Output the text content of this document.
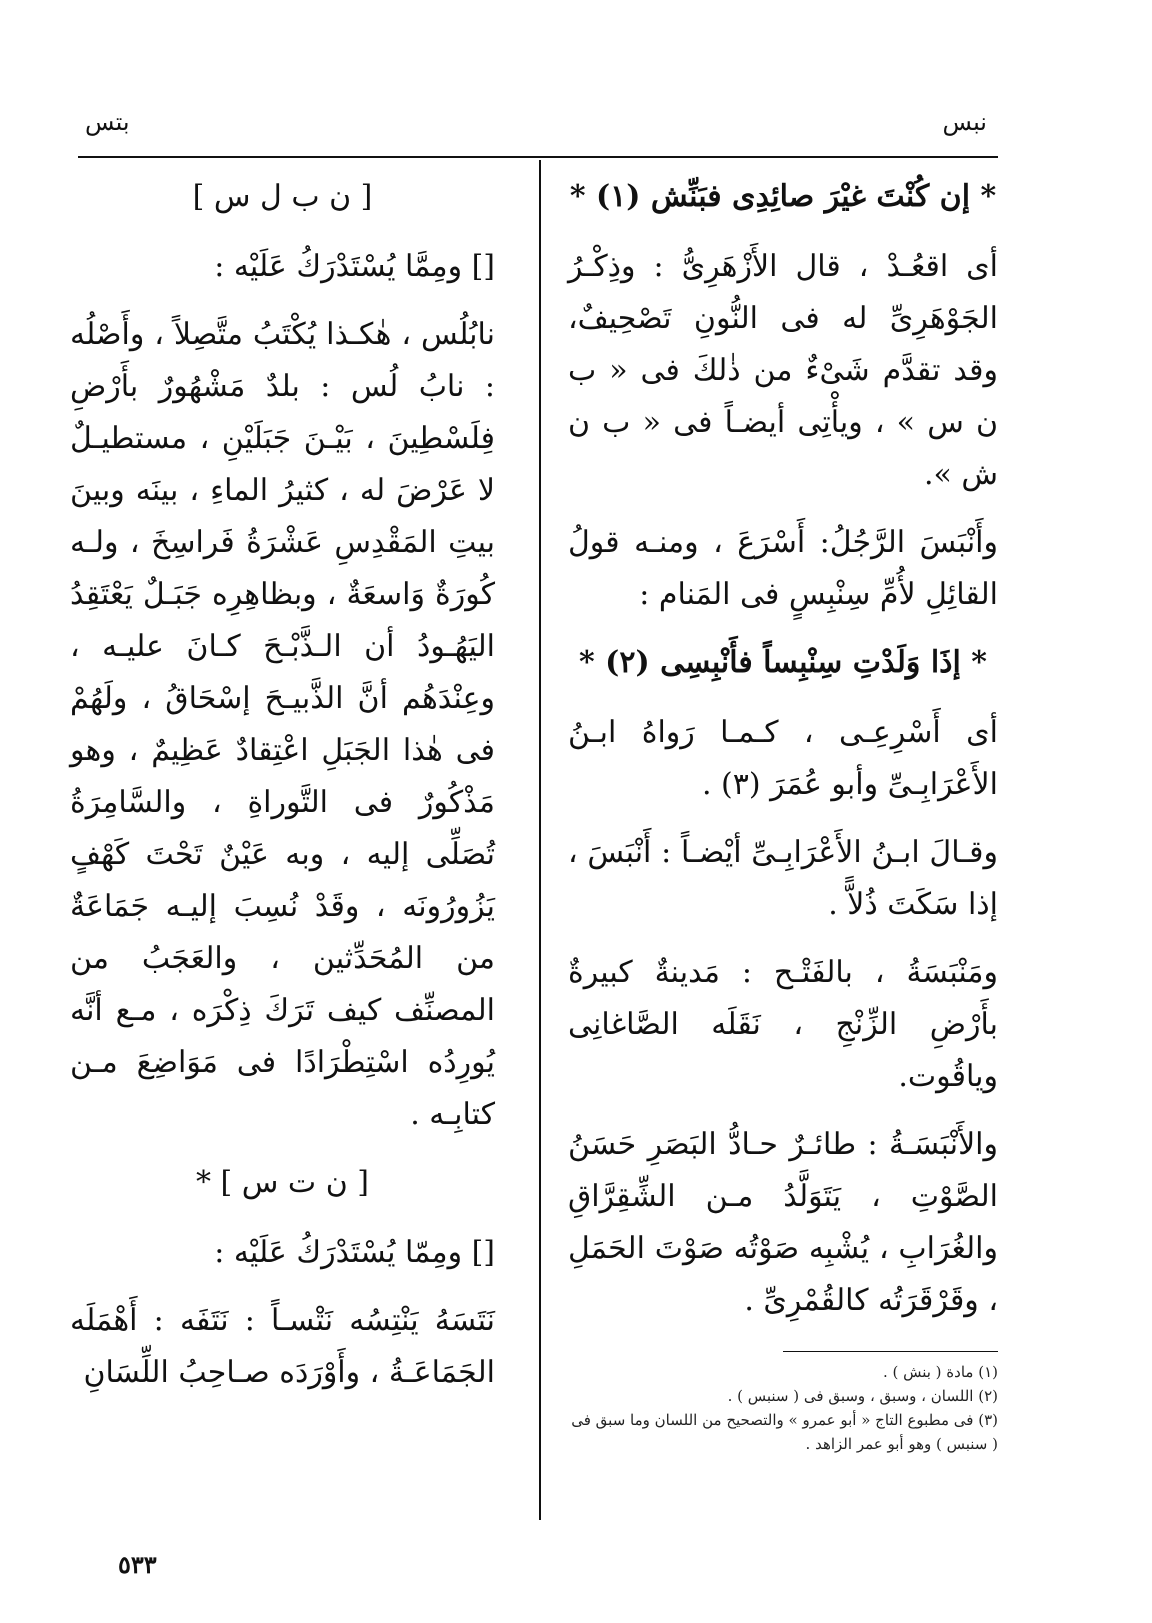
نبس
بتس

* إن كُنْتَ غيْرَ صائِدِى فبَنِّش (١) *

أى اقعُـدْ ، قال الأَزْهَرِىُّ : وذِكْـرُ الجَوْهَرِىِّ له فى النُّونِ تَصْحِيفٌ، وقد تقدَّم شَىْءٌ من ذٰلكَ فى « ب ن س » ، ويأْتِى أيضـاً فى « ب ن ش ».

وأَنْبَسَ الرَّجُلُ: أَسْرَعَ ، ومنـه قولُ القائِلِ لأُمِّ سِنْبِسٍ فى المَنام :

* إذَا وَلَدْتِ سِنْبِساً فأَنْبِسِى (٢) *

أى أَسْرِعِـى ، كـمـا رَواهُ ابـنُ الأَعْرَابِـىِّ وأبو عُمَرَ (٣) .

وقـالَ ابـنُ الأَعْرَابِـىِّ أيْضـاً : أَنْبَسَ ، إذا سَكَتَ ذُلاًّ .

ومَنْبَسَةُ ، بالفَتْـح : مَدينةٌ كبيرةٌ بأَرْضِ الزِّنْجِ ، نَقَلَه الصَّاغانِى وياقُوت.

والأَنْبَسَـةُ : طائـرٌ حـادُّ البَصَرِ حَسَنُ الصَّوْتِ ، يَتَوَلَّدُ مـن الشِّقِرَّاقِ والغُرَابِ ، يُشْبِه صَوْتُه صَوْتَ الحَمَلِ ، وقَرْقَرَتُه كالقُمْرِىِّ .

(١) مادة ( بنش ) .

(٢) اللسان ، وسبق ، وسبق فى ( سنبس ) .

(٣) فى مطبوع التاج « أبو عمرو » والتصحيح من اللسان وما سبق فى ( سنبس ) وهو أبو عمر الزاهد .

[ ن ب ل س ]

[] ومِمَّا يُسْتَدْرَكُ عَلَيْه :

نابُلُس ، هٰكـذا يُكْتَبُ متَّصِلاً ، وأَصْلُه : نابُ لُس : بلدٌ مَشْهُورٌ بأَرْضِ فِلَسْطِينَ ، بَيْـنَ جَبَلَيْنِ ، مستطيـلٌ لا عَرْضَ له ، كثيرُ الماءِ ، بينَه وبينَ بيتِ المَقْدِسِ عَشْرَةُ فَراسِخَ ، ولـه كُورَةٌ وَاسعَةٌ ، وبظاهِرِه جَبَـلٌ يَعْتَقِدُ اليَهُـودُ أن الـذَّبْـحَ كـانَ عليـه ، وعِنْدَهُم أنَّ الذَّبيـحَ إسْحَاقُ ، ولَهُمْ فى هٰذا الجَبَلِ اعْتِقادٌ عَظِيمٌ ، وهو مَذْكُورٌ فى التَّوراةِ ، والسَّامِرَةُ تُصَلِّى إليه ، وبه عَيْنٌ تَحْتَ كَهْفٍ يَزُورُونَه ، وقَدْ نُسِبَ إليـه جَمَاعَةٌ من المُحَدِّثين ، والعَجَبُ من المصنِّف كيف تَرَكَ ذِكْرَه ، مـع أنَّه يُورِدُه اسْتِطْرَادًا فى مَوَاضِعَ مـن كتابِـه .

[ ن ت س ] *

[] ومِمّا يُسْتَدْرَكُ عَلَيْه :

نَتَسَهُ يَنْتِسُه نَتْسـاً : نَتَفَه : أَهْمَلَه الجَمَاعَـةُ ، وأَوْرَدَه صـاحِبُ اللِّسَانِ

٥٣٣
